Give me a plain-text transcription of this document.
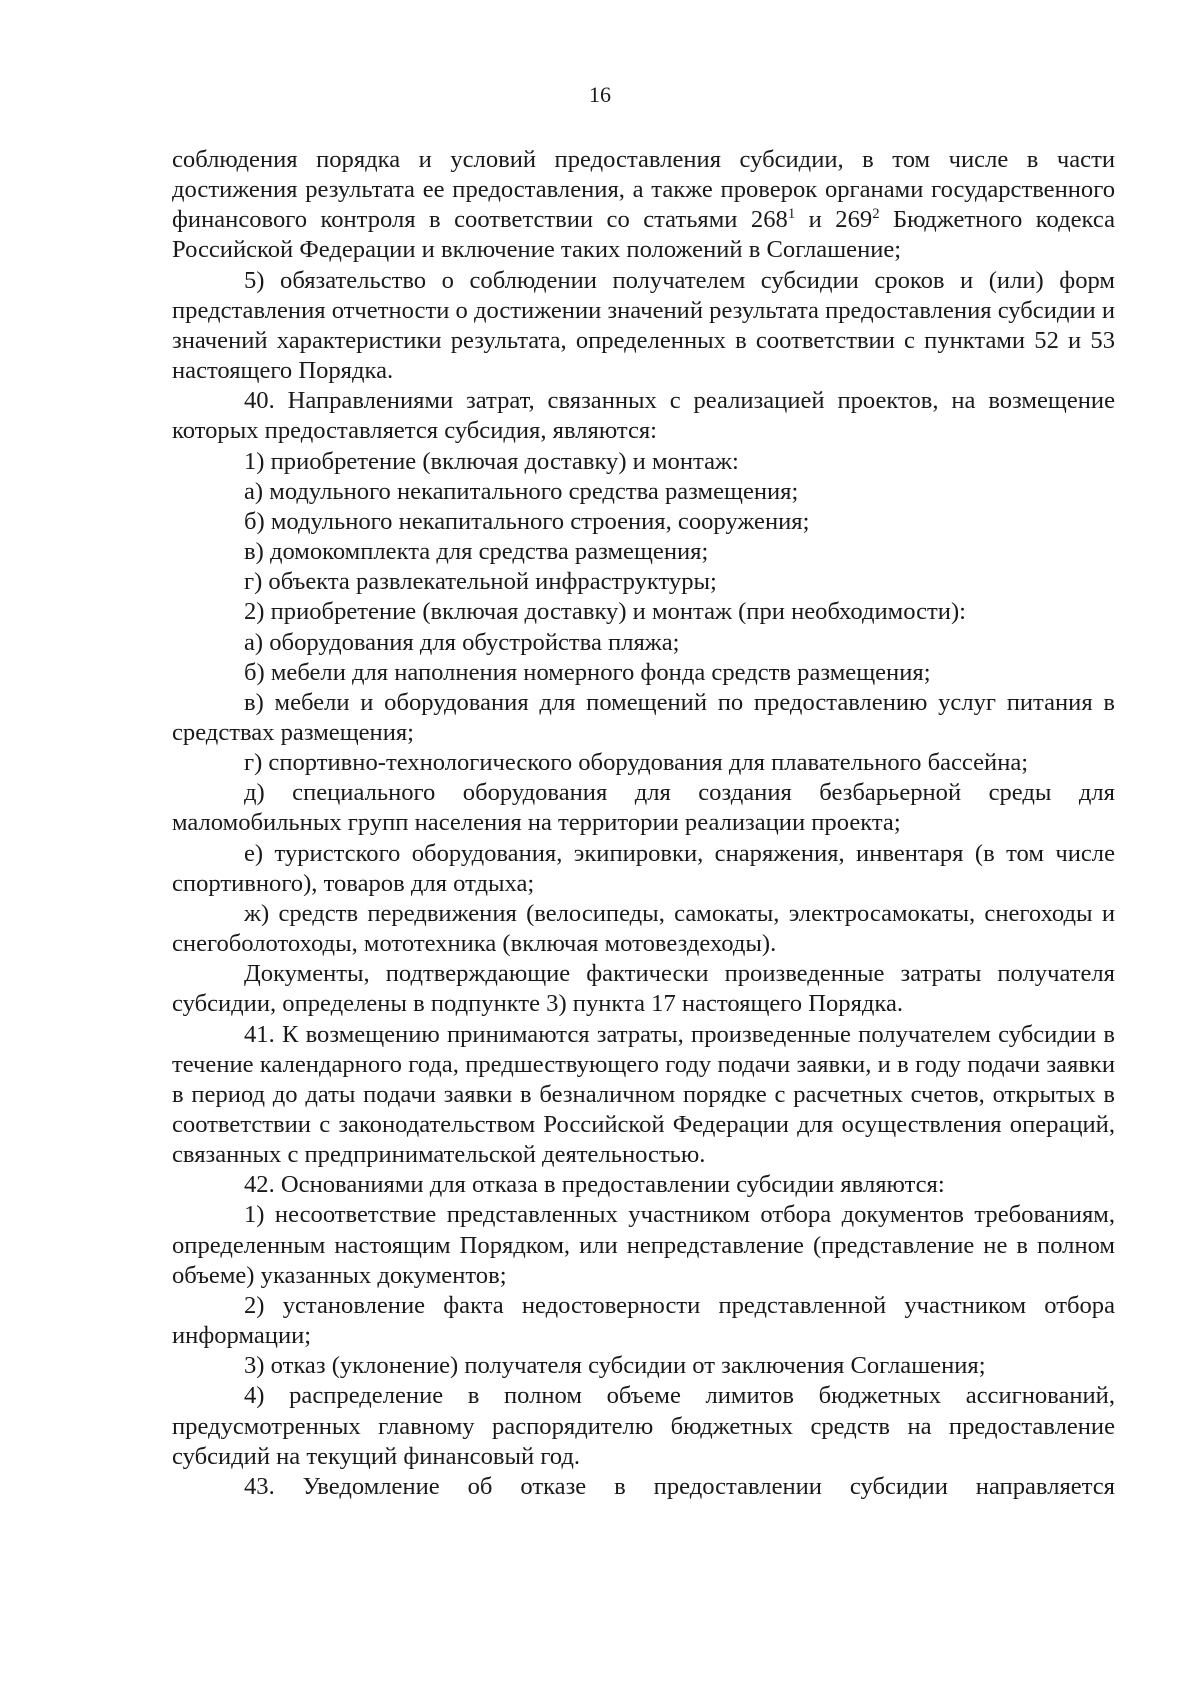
16

соблюдения порядка и условий предоставления субсидии, в том числе в части достижения результата ее предоставления, а также проверок органами государственного финансового контроля в соответствии со статьями $268^1$ и $269^2$ Бюджетного кодекса Российской Федерации и включение таких положений в Соглашение;

5) обязательство о соблюдении получателем субсидии сроков и (или) форм представления отчетности о достижении значений результата предоставления субсидии и значений характеристики результата, определенных в соответствии с пунктами 52 и 53 настоящего Порядка.

40. Направлениями затрат, связанных с реализацией проектов, на возмещение которых предоставляется субсидия, являются:

1) приобретение (включая доставку) и монтаж:

а) модульного некапитального средства размещения;

б) модульного некапитального строения, сооружения;

в) домокомплекта для средства размещения;

г) объекта развлекательной инфраструктуры;

2) приобретение (включая доставку) и монтаж (при необходимости):

а) оборудования для обустройства пляжа;

б) мебели для наполнения номерного фонда средств размещения;

в) мебели и оборудования для помещений по предоставлению услуг питания в средствах размещения;

г) спортивно-технологического оборудования для плавательного бассейна;

д) специального оборудования для создания безбарьерной среды для маломобильных групп населения на территории реализации проекта;

е) туристского оборудования, экипировки, снаряжения, инвентаря (в том числе спортивного), товаров для отдыха;

ж) средств передвижения (велосипеды, самокаты, электросамокаты, снегоходы и снегоболотоходы, мототехника (включая мотовездеходы).

Документы, подтверждающие фактически произведенные затраты получателя субсидии, определены в подпункте 3) пункта 17 настоящего Порядка.

41. К возмещению принимаются затраты, произведенные получателем субсидии в течение календарного года, предшествующего году подачи заявки, и в году подачи заявки в период до даты подачи заявки в безналичном порядке с расчетных счетов, открытых в соответствии с законодательством Российской Федерации для осуществления операций, связанных с предпринимательской деятельностью.

42. Основаниями для отказа в предоставлении субсидии являются:

1) несоответствие представленных участником отбора документов требованиям, определенным настоящим Порядком, или непредставление (представление не в полном объеме) указанных документов;

2) установление факта недостоверности представленной участником отбора информации;

3) отказ (уклонение) получателя субсидии от заключения Соглашения;

4) распределение в полном объеме лимитов бюджетных ассигнований, предусмотренных главному распорядителю бюджетных средств на предоставление субсидий на текущий финансовый год.

43. Уведомление об отказе в предоставлении субсидии направляется
